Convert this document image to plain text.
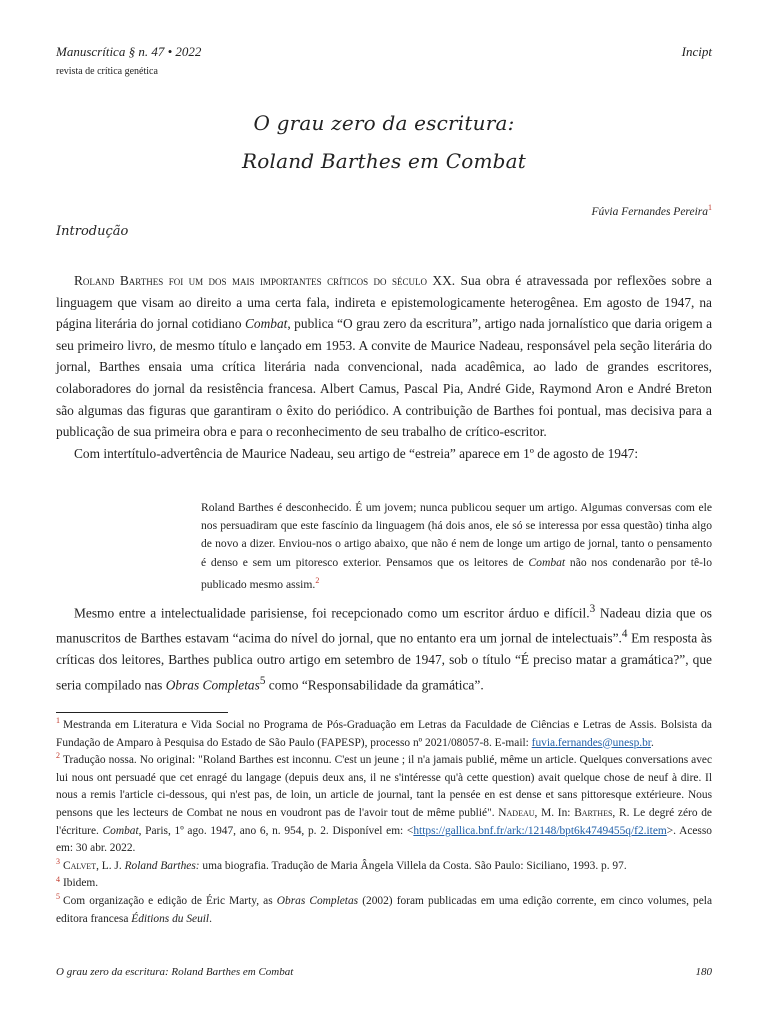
Manuscrítica § n. 47 • 2022
revista de crítica genética
Incipt
O grau zero da escritura:
Roland Barthes em Combat
Fúvia Fernandes Pereira$^1$
Introdução

Roland Barthes foi um dos mais importantes críticos do século XX. Sua obra é atravessada por reflexões sobre a linguagem que visam ao direito a uma certa fala, indireta e epistemologicamente heterogênea. Em agosto de 1947, na página literária do jornal cotidiano Combat, publica “O grau zero da escritura”, artigo nada jornalístico que daria origem a seu primeiro livro, de mesmo título e lançado em 1953. A convite de Maurice Nadeau, responsável pela seção literária do jornal, Barthes ensaia uma crítica literária nada convencional, nada acadêmica, ao lado de grandes escritores, colaboradores do jornal da resistência francesa. Albert Camus, Pascal Pia, André Gide, Raymond Aron e André Breton são algumas das figuras que garantiram o êxito do periódico. A contribuição de Barthes foi pontual, mas decisiva para a publicação de sua primeira obra e para o reconhecimento de seu trabalho de crítico-escritor.

Com intertítulo-advertência de Maurice Nadeau, seu artigo de “estreia” aparece em 1º de agosto de 1947:

Roland Barthes é desconhecido. É um jovem; nunca publicou sequer um artigo. Algumas conversas com ele nos persuadiram que este fascínio da linguagem (há dois anos, ele só se interessa por essa questão) tinha algo de novo a dizer. Enviou-nos o artigo abaixo, que não é nem de longe um artigo de jornal, tanto o pensamento é denso e sem um pitoresco exterior. Pensamos que os leitores de Combat não nos condenarão por tê-lo publicado mesmo assim.$^2$

Mesmo entre a intelectualidade parisiense, foi recepcionado como um escritor árduo e difícil.$^3$ Nadeau dizia que os manuscritos de Barthes estavam “acima do nível do jornal, que no entanto era um jornal de intelectuais”.$^4$ Em resposta às críticas dos leitores, Barthes publica outro artigo em setembro de 1947, sob o título “É preciso matar a gramática?”, que seria compilado nas Obras Completas$^5$ como “Responsabilidade da gramática”.

$^1$ Mestranda em Literatura e Vida Social no Programa de Pós-Graduação em Letras da Faculdade de Ciências e Letras de Assis. Bolsista da Fundação de Amparo à Pesquisa do Estado de São Paulo (FAPESP), processo nº 2021/08057-8. E-mail: fuvia.fernandes@unesp.br.
$^2$ Tradução nossa. No original: "Roland Barthes est inconnu. C'est un jeune ; il n'a jamais publié, même un article. Quelques conversations avec lui nous ont persuadé que cet enragé du langage (depuis deux ans, il ne s'intéresse qu'à cette question) avait quelque chose de neuf à dire. Il nous a remis l'article ci-dessous, qui n'est pas, de loin, un article de journal, tant la pensée en est dense et sans pittoresque extérieure. Nous pensons que les lecteurs de Combat ne nous en voudront pas de l'avoir tout de même publié". Nadeau, M. In: Barthes, R. Le degré zéro de l'écriture. Combat, Paris, 1º ago. 1947, ano 6, n. 954, p. 2. Disponível em: <https://gallica.bnf.fr/ark:/12148/bpt6k4749455q/f2.item>. Acesso em: 30 abr. 2022.
$^3$ Calvet, L. J. Roland Barthes: uma biografia. Tradução de Maria Ângela Villela da Costa. São Paulo: Siciliano, 1993. p. 97.
$^4$ Ibidem.
$^5$ Com organização e edição de Éric Marty, as Obras Completas (2002) foram publicadas em uma edição corrente, em cinco volumes, pela editora francesa Éditions du Seuil.
O grau zero da escritura: Roland Barthes em Combat	180
